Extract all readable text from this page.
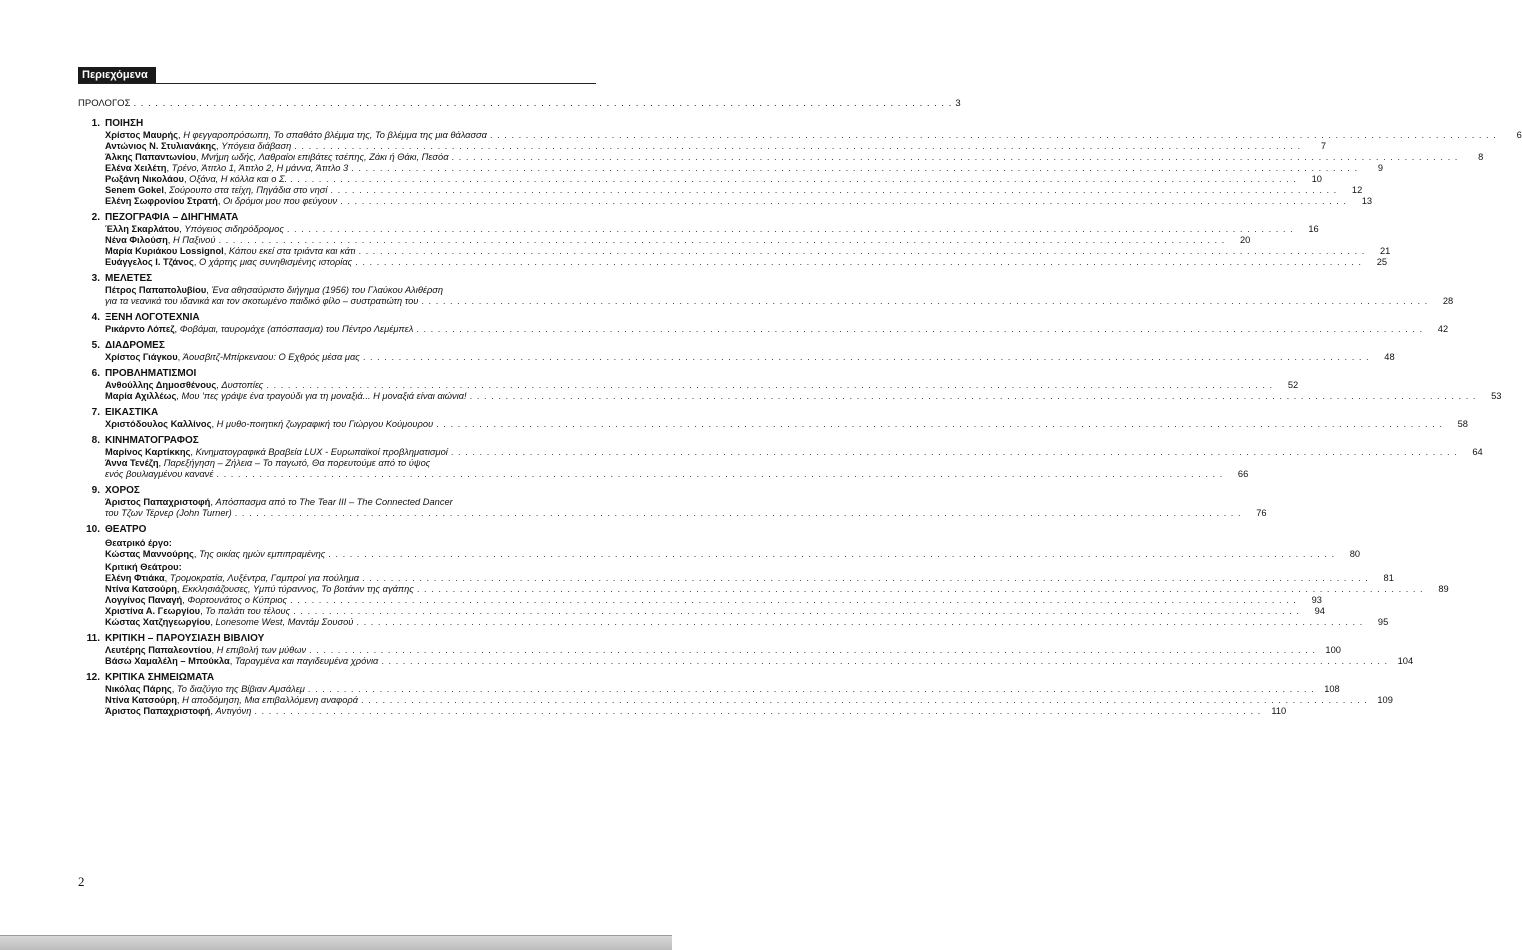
Περιεχόμενα
ΠΡΟΛΟΓΟΣ . . . . . . . . . . . . . . . . . . . . . . . . . . . . . . . . . . . . . . . . . . . . . . . . . . . . . . . . . . . . . . . . . . . . . . . . . . . . . . . . . . . . . . . . . . . . . . . . . . . . . . . . . . . . . . . . . 3
1. ΠΟΙΗΣΗ
Χρίστος Μαυρής, Η φεγγαροπρόσωπη, Το σπαθάτο βλέμμα της, Το βλέμμα της μια θάλασσα . . .	6
Αντώνιος Ν. Στυλιανάκης, Υπόγεια διάβαση . . .	7
Άλκης Παπαντωνίου, Μνήμη ωδής, Λαθραίοι επιβάτες τσέπης, Ζάκι ή Θάκι, Πεσόα . . .	8
Ελένα Χειλέτη, Τρένο, Άτιτλο 1, Άτιτλο 2, Η μάννα, Άτιτλο 3 . . .	9
Ρωξάνη Νικολάου, Οξάνα, Η κόλλα και ο Σ. . . .	10
Senem Gokel, Σούρουπο στα τείχη, Πηγάδια στο νησί . . .	12
Ελένη Σωφρονίου Στρατή, Οι δρόμοι μου που φεύγουν . . .	13
2. ΠΕΖΟΓΡΑΦΙΑ – ΔΙΗΓΗΜΑΤΑ
Έλλη Σκαρλάτου, Υπόγειος σιδηρόδρομος . . .	16
Νένα Φιλούση, Η Παξινού . . .	20
Μαρία Κυριάκου Lossignol, Κάπου εκεί στα τριάντα και κάτι . . .	21
Ευάγγελος Ι. Τζάνος, Ο χάρτης μιας συνηθισμένης ιστορίας . . .	25
3. ΜΕΛΕΤΕΣ
Πέτρος Παπαπολυβίου, Ένα αθησαύριστο διήγημα (1956) του Γλαύκου Αλιθέρση
για τα νεανικά του ιδανικά και τον σκοτωμένο παιδικό φίλο – συστρατιώτη του . . .	28
4. ΞΕΝΗ ΛΟΓΟΤΕΧΝΙΑ
Ρικάρντο Λόπεζ, Φοβάμαι, ταυρομάχε (απόσπασμα) του Πέντρο Λεμέμπελ . . .	42
5. ΔΙΑΔΡΟΜΕΣ
Χρίστος Γιάγκου, Άουσβιτζ-Μπίρκεναου: Ο Εχθρός μέσα μας . . .	48
6. ΠΡΟΒΛΗΜΑΤΙΣΜΟΙ
Ανθούλλης Δημοσθένους, Δυστοπίες . . .	52
Μαρία Αχιλλέως, Μου 'πες γράψε ένα τραγούδι για τη μοναξιά... Η μοναξιά είναι αιώνια! . . .	53
7. ΕΙΚΑΣΤΙΚΑ
Χριστόδουλος Καλλίνος, Η μυθο-ποιητική ζωγραφική του Γιώργου Κούμουρου . . .	58
8. ΚΙΝΗΜΑΤΟΓΡΑΦΟΣ
Μαρίνος Καρτίκκης, Κινηματογραφικά Βραβεία LUX - Ευρωπαϊκοί προβληματισμοί . . .	64
Άννα Τενέζη, Παρεξήγηση – Ζήλεια – Το παγωτό, Θα πορευτούμε από το ύψος
ενός βουλιαγμένου κανανέ . . .	66
9. ΧΟΡΟΣ
Άριστος Παπαχριστοφή, Απόσπασμα από το The Tear III – The Connected Dancer
του Τζων Τέρνερ (John Turner) . . .	76
10. ΘΕΑΤΡΟ
Θεατρικό έργο:
Κώστας Μαννούρης, Της οικίας ημών εμπιπραμένης . . .	80
Κριτική Θεάτρου:
Ελένη Φτιάκα, Τρομοκρατία, Λυξέντρα, Γαμπροί για πούλημα . . .	81
Ντίνα Κατσούρη, Εκκλησιάζουσες, Υμπύ τύραννος, Το βοτάνιν της αγάπης . . .	89
Λογγίνος Παναγή, Φορτουνάτος ο Κύπριος . . .	93
Χριστίνα Α. Γεωργίου, Το παλάτι του τέλους . . .	94
Κώστας Χατζηγεωργίου, Lonesome West, Μαντάμ Σουσού . . .	95
11. ΚΡΙΤΙΚΗ – ΠΑΡΟΥΣΙΑΣΗ ΒΙΒΛΙΟΥ
Λευτέρης Παπαλεοντίου, Η επιβολή των μύθων . . .	100
Βάσω Χαμαλέλη – Μπούκλα, Ταραγμένα και παγιδευμένα χρόνια . . .	104
12. ΚΡΙΤΙΚΑ ΣΗΜΕΙΩΜΑΤΑ
Νικόλας Πάρης, Το διαζύγιο της Βίβιαν Αμσάλεμ . . .	108
Ντίνα Κατσούρη, Η αποδόμηση, Μια επιβαλλόμενη αναφορά . . .	109
Άριστος Παπαχριστοφή, Αντιγόνη . . .	110
2
